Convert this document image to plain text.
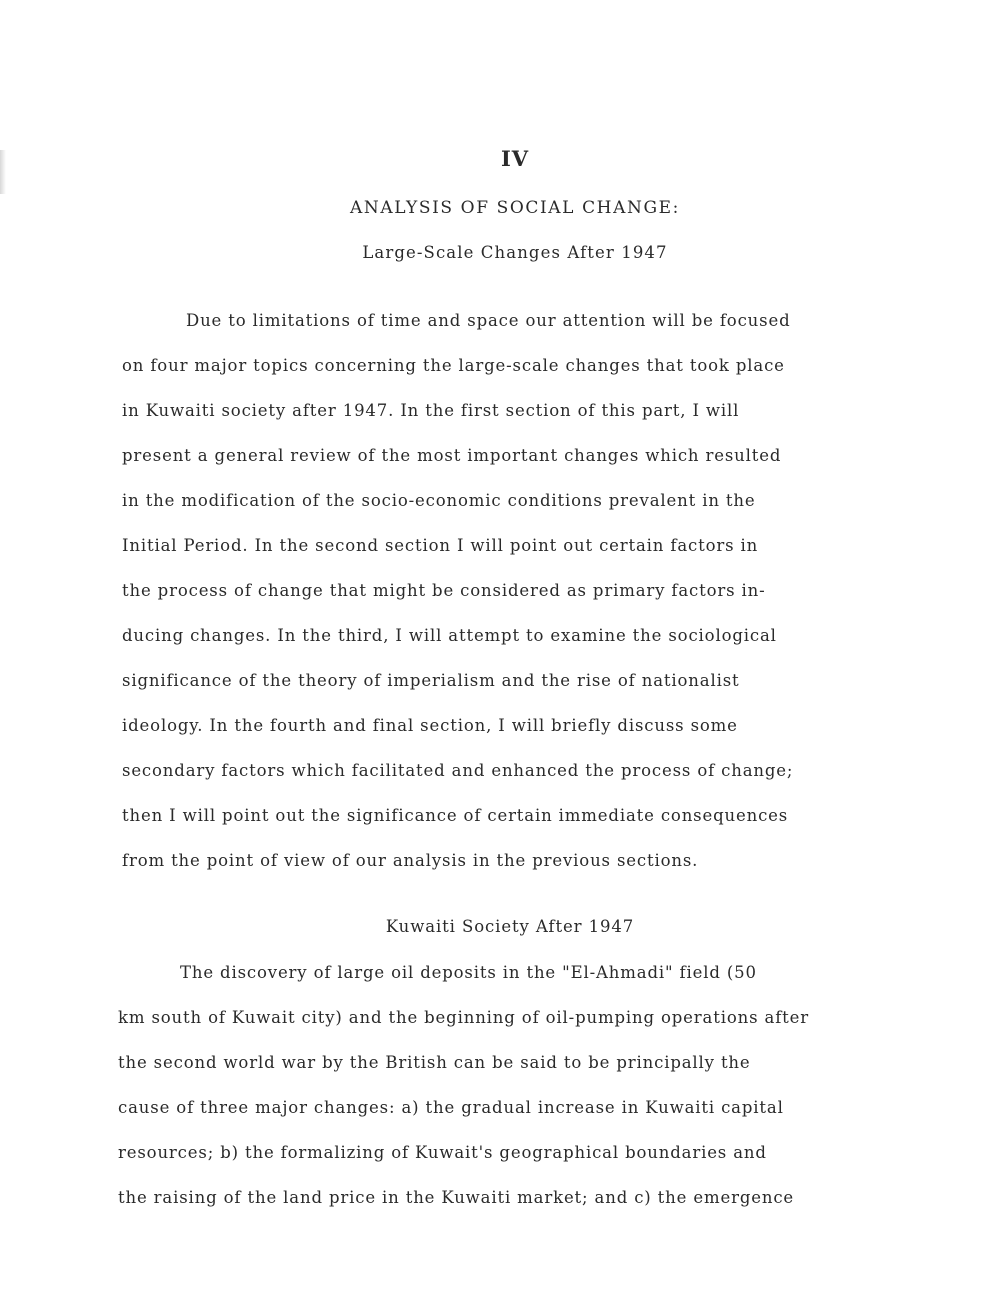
IV
ANALYSIS OF SOCIAL CHANGE:
Large-Scale Changes After 1947
Due to limitations of time and space our attention will be focused
on four major topics concerning the large-scale changes that took place
in Kuwaiti society after 1947. In the first section of this part, I will
present a general review of the most important changes which resulted
in the modification of the socio-economic conditions prevalent in the
Initial Period. In the second section I will point out certain factors in
the process of change that might be considered as primary factors in-
ducing changes. In the third, I will attempt to examine the sociological
significance of the theory of imperialism and the rise of nationalist
ideology. In the fourth and final section, I will briefly discuss some
secondary factors which facilitated and enhanced the process of change;
then I will point out the significance of certain immediate consequences
from the point of view of our analysis in the previous sections.
Kuwaiti Society After 1947
The discovery of large oil deposits in the "El-Ahmadi" field (50
km south of Kuwait city) and the beginning of oil-pumping operations after
the second world war by the British can be said to be principally the
cause of three major changes: a) the gradual increase in Kuwaiti capital
resources; b) the formalizing of Kuwait's geographical boundaries and
the raising of the land price in the Kuwaiti market; and c) the emergence
